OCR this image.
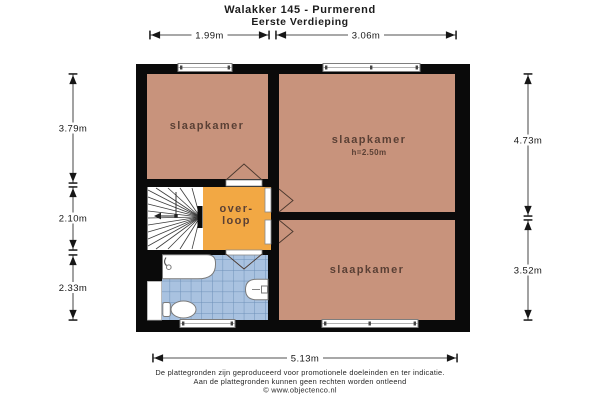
Walakker 145 - Purmerend
Eerste Verdieping
slaapkamer
slaapkamer
h=2.50m
slaapkamer
over-
loop
1.99m	3.06m
5.13m
3.79m
2.10m
2.33m
4.73m
3.52m
De plattegronden zijn geproduceerd voor promotionele doeleinden en ter indicatie.
Aan de plattegronden kunnen geen rechten worden ontleend
© www.objectenco.nl
